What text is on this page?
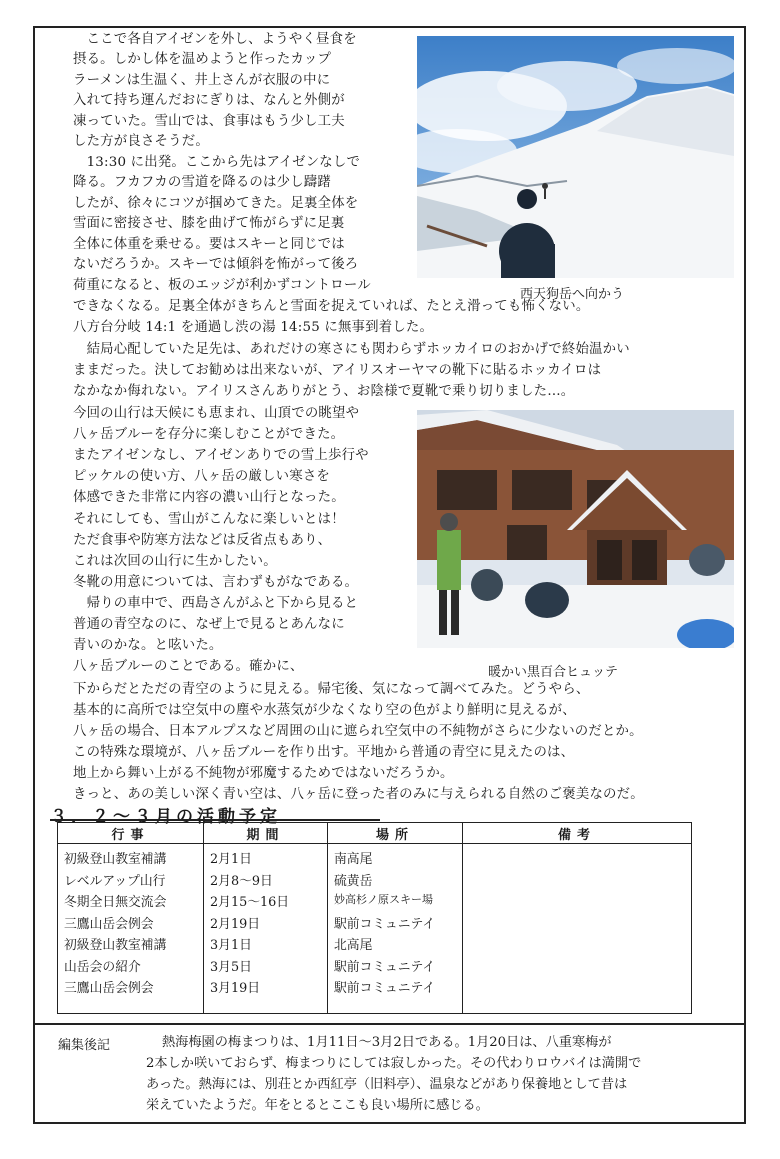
　ここで各自アイゼンを外し、ようやく昼食を
摂る。しかし体を温めようと作ったカップ
ラーメンは生温く、井上さんが衣服の中に
入れて持ち運んだおにぎりは、なんと外側が
凍っていた。雪山では、食事はもう少し工夫
した方が良さそうだ。
　13:30 に出発。ここから先はアイゼンなしで
降る。フカフカの雪道を降るのは少し躊躇
したが、徐々にコツが掴めてきた。足裏全体を
雪面に密接させ、膝を曲げて怖がらずに足裏
全体に体重を乗せる。要はスキーと同じでは
ないだろうか。スキーでは傾斜を怖がって後ろ
荷重になると、板のエッジが利かずコントロール
西天狗岳へ向かう
できなくなる。足裏全体がきちんと雪面を捉えていれば、たとえ滑っても怖くない。
八方台分岐 14:1 を通過し渋の湯 14:55 に無事到着した。
　結局心配していた足先は、あれだけの寒さにも関わらずホッカイロのおかげで終始温かい
ままだった。決してお勧めは出来ないが、アイリスオーヤマの靴下に貼るホッカイロは
なかなか侮れない。アイリスさんありがとう、お陰様で夏靴で乗り切りました…。
今回の山行は天候にも恵まれ、山頂での眺望や
八ヶ岳ブルーを存分に楽しむことができた。
またアイゼンなし、アイゼンありでの雪上歩行や
ピッケルの使い方、八ヶ岳の厳しい寒さを
体感できた非常に内容の濃い山行となった。
それにしても、雪山がこんなに楽しいとは！
ただ食事や防寒方法などは反省点もあり、
これは次回の山行に生かしたい。
冬靴の用意については、言わずもがなである。
　帰りの車中で、西島さんがふと下から見ると
普通の青空なのに、なぜ上で見るとあんなに
青いのかな。と呟いた。
八ヶ岳ブルーのことである。確かに、	暖かい黒百合ヒュッテ
下からだとただの青空のように見える。帰宅後、気になって調べてみた。どうやら、
基本的に高所では空気中の塵や水蒸気が少なくなり空の色がより鮮明に見えるが、
八ヶ岳の場合、日本アルプスなど周囲の山に遮られ空気中の不純物がさらに少ないのだとか。
この特殊な環境が、八ヶ岳ブルーを作り出す。平地から普通の青空に見えたのは、
地上から舞い上がる不純物が邪魔するためではないだろうか。
きっと、あの美しい深く青い空は、八ヶ岳に登った者のみに与えられる自然のご褒美なのだ。
３．２～３月の活動予定
行事	期間	場所	備考
初級登山教室補講	2月1日	南高尾	
レベルアップ山行	2月8～9日	硫黄岳	
冬期全日無交流会	2月15～16日	妙高杉ノ原スキー場	
三鷹山岳会例会	2月19日	駅前コミュニテイ	
初級登山教室補講	3月1日	北高尾	
山岳会の紹介	3月5日	駅前コミュニテイ	
三鷹山岳会例会	3月19日	駅前コミュニテイ	
編集後記	熱海梅園の梅まつりは、1月11日～3月2日である。1月20日は、八重寒梅が
2本しか咲いておらず、梅まつりにしては寂しかった。その代わりロウバイは満開で
あった。熱海には、別荘とか西紅亭（旧料亭）、温泉などがあり保養地として昔は
栄えていたようだ。年をとるとここも良い場所に感じる。
